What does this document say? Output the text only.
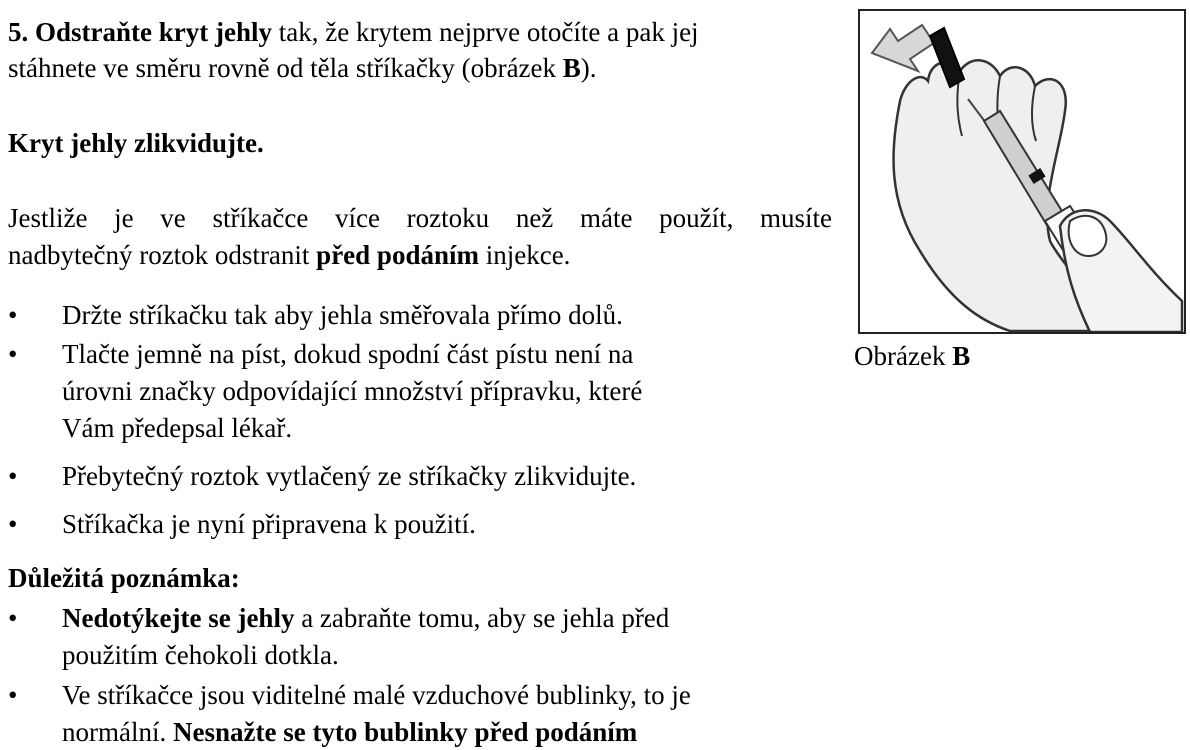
5. Odstraňte kryt jehly tak, že krytem nejprve otočíte a pak jej
stáhnete ve směru rovně od těla stříkačky (obrázek B).
Kryt jehly zlikvidujte.
Jestliže je ve stříkačce více roztoku než máte použít, musíte
nadbytečný roztok odstranit před podáním injekce.
• Držte stříkačku tak aby jehla směřovala přímo dolů.
• Tlačte jemně na píst, dokud spodní část pístu není na
úrovni značky odpovídající množství přípravku, které
Vám předepsal lékař.
• Přebytečný roztok vytlačený ze stříkačky zlikvidujte.
• Stříkačka je nyní připravena k použití.
Důležitá poznámka:
• Nedotýkejte se jehly a zabraňte tomu, aby se jehla před
použitím čehokoli dotkla.
• Ve stříkačce jsou viditelné malé vzduchové bublinky, to je
normální. Nesnažte se tyto bublinky před podáním
Obrázek B
